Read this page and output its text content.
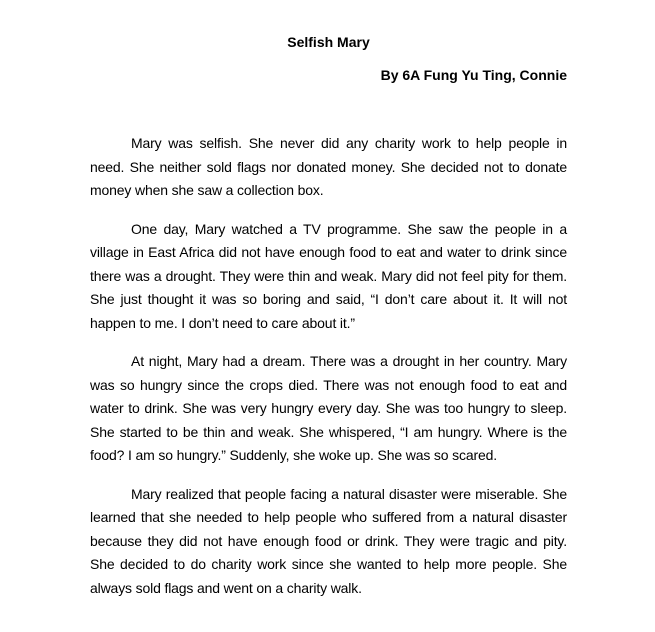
Selfish Mary
By 6A Fung Yu Ting, Connie

Mary was selfish. She never did any charity work to help people in need. She neither sold flags nor donated money. She decided not to donate money when she saw a collection box.

One day, Mary watched a TV programme. She saw the people in a village in East Africa did not have enough food to eat and water to drink since there was a drought. They were thin and weak. Mary did not feel pity for them. She just thought it was so boring and said, “I don’t care about it. It will not happen to me. I don’t need to care about it.”

At night, Mary had a dream. There was a drought in her country. Mary was so hungry since the crops died. There was not enough food to eat and water to drink. She was very hungry every day. She was too hungry to sleep. She started to be thin and weak. She whispered, “I am hungry. Where is the food? I am so hungry.” Suddenly, she woke up. She was so scared.

Mary realized that people facing a natural disaster were miserable. She learned that she needed to help people who suffered from a natural disaster because they did not have enough food or drink. They were tragic and pity. She decided to do charity work since she wanted to help more people. She always sold flags and went on a charity walk.
